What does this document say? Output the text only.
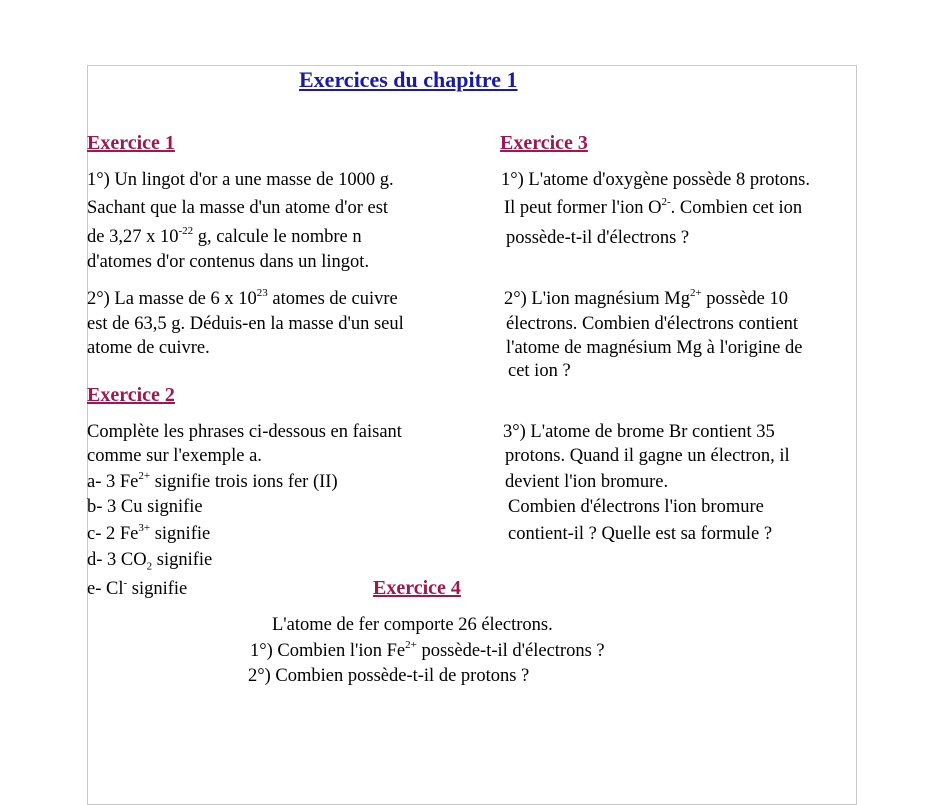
Exercices du chapitre 1
Exercice 1
1°) Un lingot d'or a une masse de 1000 g.
Sachant que la masse d'un atome d'or est
de 3,27 x $10^{-22}$ g, calcule le nombre n
d'atomes d'or contenus dans un lingot.
2°) La masse de 6 x $10^{23}$ atomes de cuivre
est de 63,5 g. Déduis-en la masse d'un seul
atome de cuivre.
Exercice 2
Complète les phrases ci-dessous en faisant
comme sur l'exemple a.
a- 3 $Fe^{2+}$ signifie trois ions fer (II)
b- 3 Cu signifie
c- 2 $Fe^{3+}$ signifie
d- 3 $CO_2$ signifie
e- Cl- signifie
Exercice 3
1°) L'atome d'oxygène possède 8 protons.
Il peut former l'ion $O^{2-}$. Combien cet ion
possède-t-il d'électrons ?
2°) L'ion magnésium $Mg^{2+}$ possède 10
électrons. Combien d'électrons contient
l'atome de magnésium Mg à l'origine de
cet ion ?
3°) L'atome de brome Br contient 35
protons. Quand il gagne un électron, il
devient l'ion bromure.
Combien d'électrons l'ion bromure
contient-il ? Quelle est sa formule ?
Exercice 4
L'atome de fer comporte 26 électrons.
1°) Combien l'ion $Fe^{2+}$ possède-t-il d'électrons ?
2°) Combien possède-t-il de protons ?
